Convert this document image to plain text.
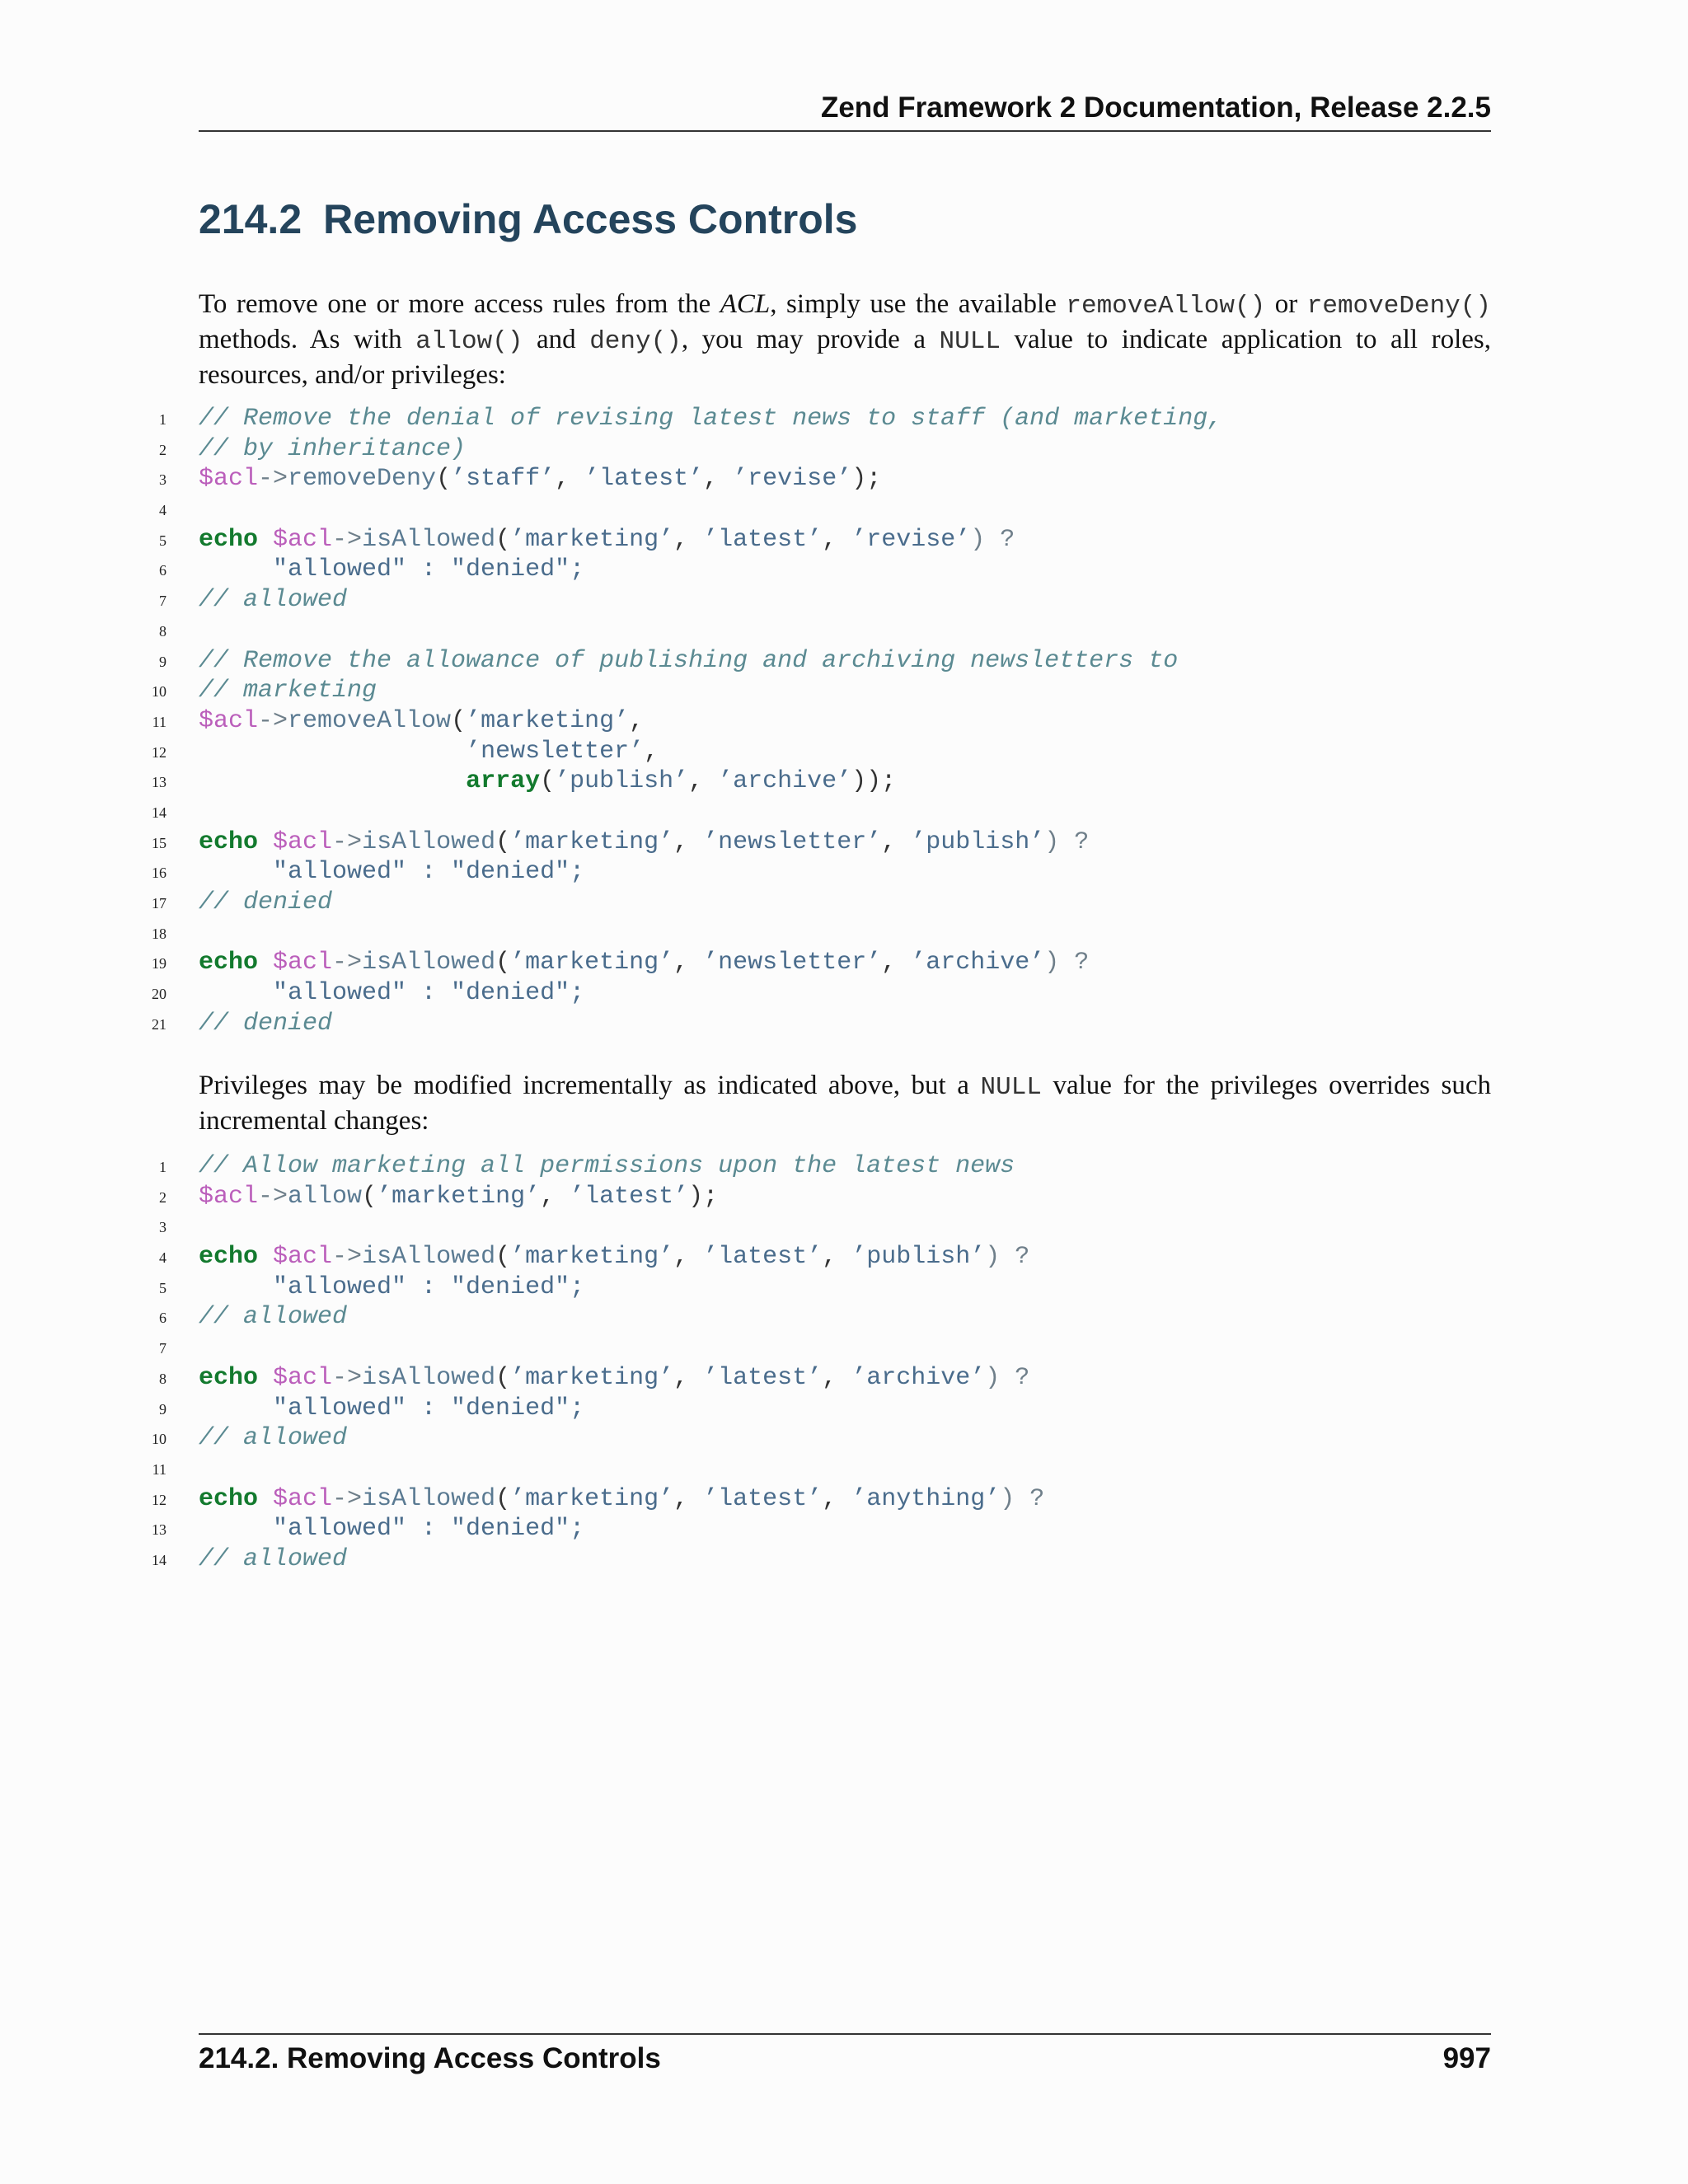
Zend Framework 2 Documentation, Release 2.2.5
214.2 Removing Access Controls

To remove one or more access rules from the ACL, simply use the available removeAllow() or removeDeny() methods. As with allow() and deny(), you may provide a NULL value to indicate application to all roles, resources, and/or privileges:

1 // Remove the denial of revising latest news to staff (and marketing,
2 // by inheritance)
3 $acl->removeDeny(’staff’, ’latest’, ’revise’);
4
5 echo $acl->isAllowed(’marketing’, ’latest’, ’revise’) ?
6	"allowed" : "denied";
7 // allowed
8
9 // Remove the allowance of publishing and archiving newsletters to
10 // marketing
11 $acl->removeAllow(’marketing’,
12	’newsletter’,
13	array(’publish’, ’archive’));
14
15 echo $acl->isAllowed(’marketing’, ’newsletter’, ’publish’) ?
16	"allowed" : "denied";
17 // denied
18
19 echo $acl->isAllowed(’marketing’, ’newsletter’, ’archive’) ?
20	"allowed" : "denied";
21 // denied

Privileges may be modified incrementally as indicated above, but a NULL value for the privileges overrides such incremental changes:

1 // Allow marketing all permissions upon the latest news
2 $acl->allow(’marketing’, ’latest’);
3
4 echo $acl->isAllowed(’marketing’, ’latest’, ’publish’) ?
5	"allowed" : "denied";
6 // allowed
7
8 echo $acl->isAllowed(’marketing’, ’latest’, ’archive’) ?
9	"allowed" : "denied";
10 // allowed
11
12 echo $acl->isAllowed(’marketing’, ’latest’, ’anything’) ?
13	"allowed" : "denied";
14 // allowed
214.2. Removing Access Controls	997
